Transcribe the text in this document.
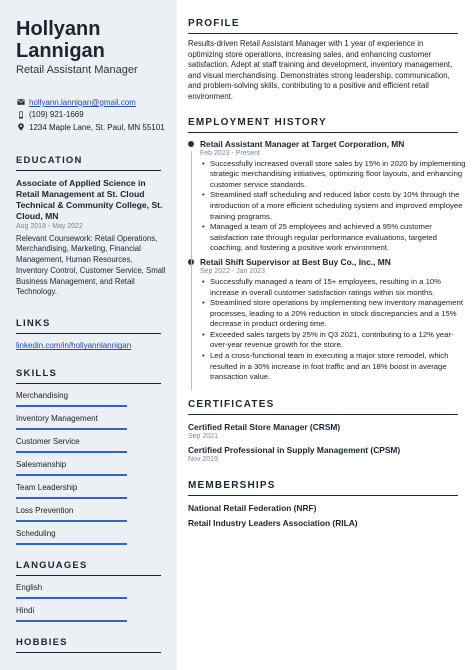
Hollyann
Lannigan
Retail Assistant Manager
hollyann.lannigan@gmail.com
(109) 921-1669
1234 Maple Lane, St. Paul, MN 55101
EDUCATION
Associate of Applied Science in Retail Management at St. Cloud Technical & Community College, St. Cloud, MN
Aug 2018 - May 2022
Relevant Coursework: Retail Operations, Merchandising, Marketing, Financial Management, Human Resources, Inventory Control, Customer Service, Small Business Management, and Retail Technology.
LINKS
linkedin.com/in/hollyannlannigan
SKILLS
Merchandising
Inventory Management
Customer Service
Salesmanship
Team Leadership
Loss Prevention
Scheduling
LANGUAGES
English
Hindi
HOBBIES
PROFILE
Results-driven Retail Assistant Manager with 1 year of experience in optimizing store operations, increasing sales, and enhancing customer satisfaction. Adept at staff training and development, inventory management, and visual merchandising. Demonstrates strong leadership, communication, and problem-solving skills, contributing to a positive and efficient retail environment.
EMPLOYMENT HISTORY
Retail Assistant Manager at Target Corporation, MN
Feb 2023 - Present
• Successfully increased overall store sales by 15% in 2020 by implementing strategic merchandising initiatives, optimizing floor layouts, and enhancing customer service standards.
• Streamlined staff scheduling and reduced labor costs by 10% through the introduction of a more efficient scheduling system and improved employee training programs.
• Managed a team of 25 employees and achieved a 95% customer satisfaction rate through regular performance evaluations, targeted coaching, and fostering a positive work environment.
Retail Shift Supervisor at Best Buy Co., Inc., MN
Sep 2022 - Jan 2023
• Successfully managed a team of 15+ employees, resulting in a 10% increase in overall customer satisfaction ratings within six months.
• Streamlined store operations by implementing new inventory management processes, leading to a 20% reduction in stock discrepancies and a 15% decrease in product ordering time.
• Exceeded sales targets by 25% in Q3 2021, contributing to a 12% year-over-year revenue growth for the store.
• Led a cross-functional team in executing a major store remodel, which resulted in a 30% increase in foot traffic and an 18% boost in average transaction value.
CERTIFICATES
Certified Retail Store Manager (CRSM)
Sep 2021
Certified Professional in Supply Management (CPSM)
Nov 2019
MEMBERSHIPS
National Retail Federation (NRF)
Retail Industry Leaders Association (RILA)
